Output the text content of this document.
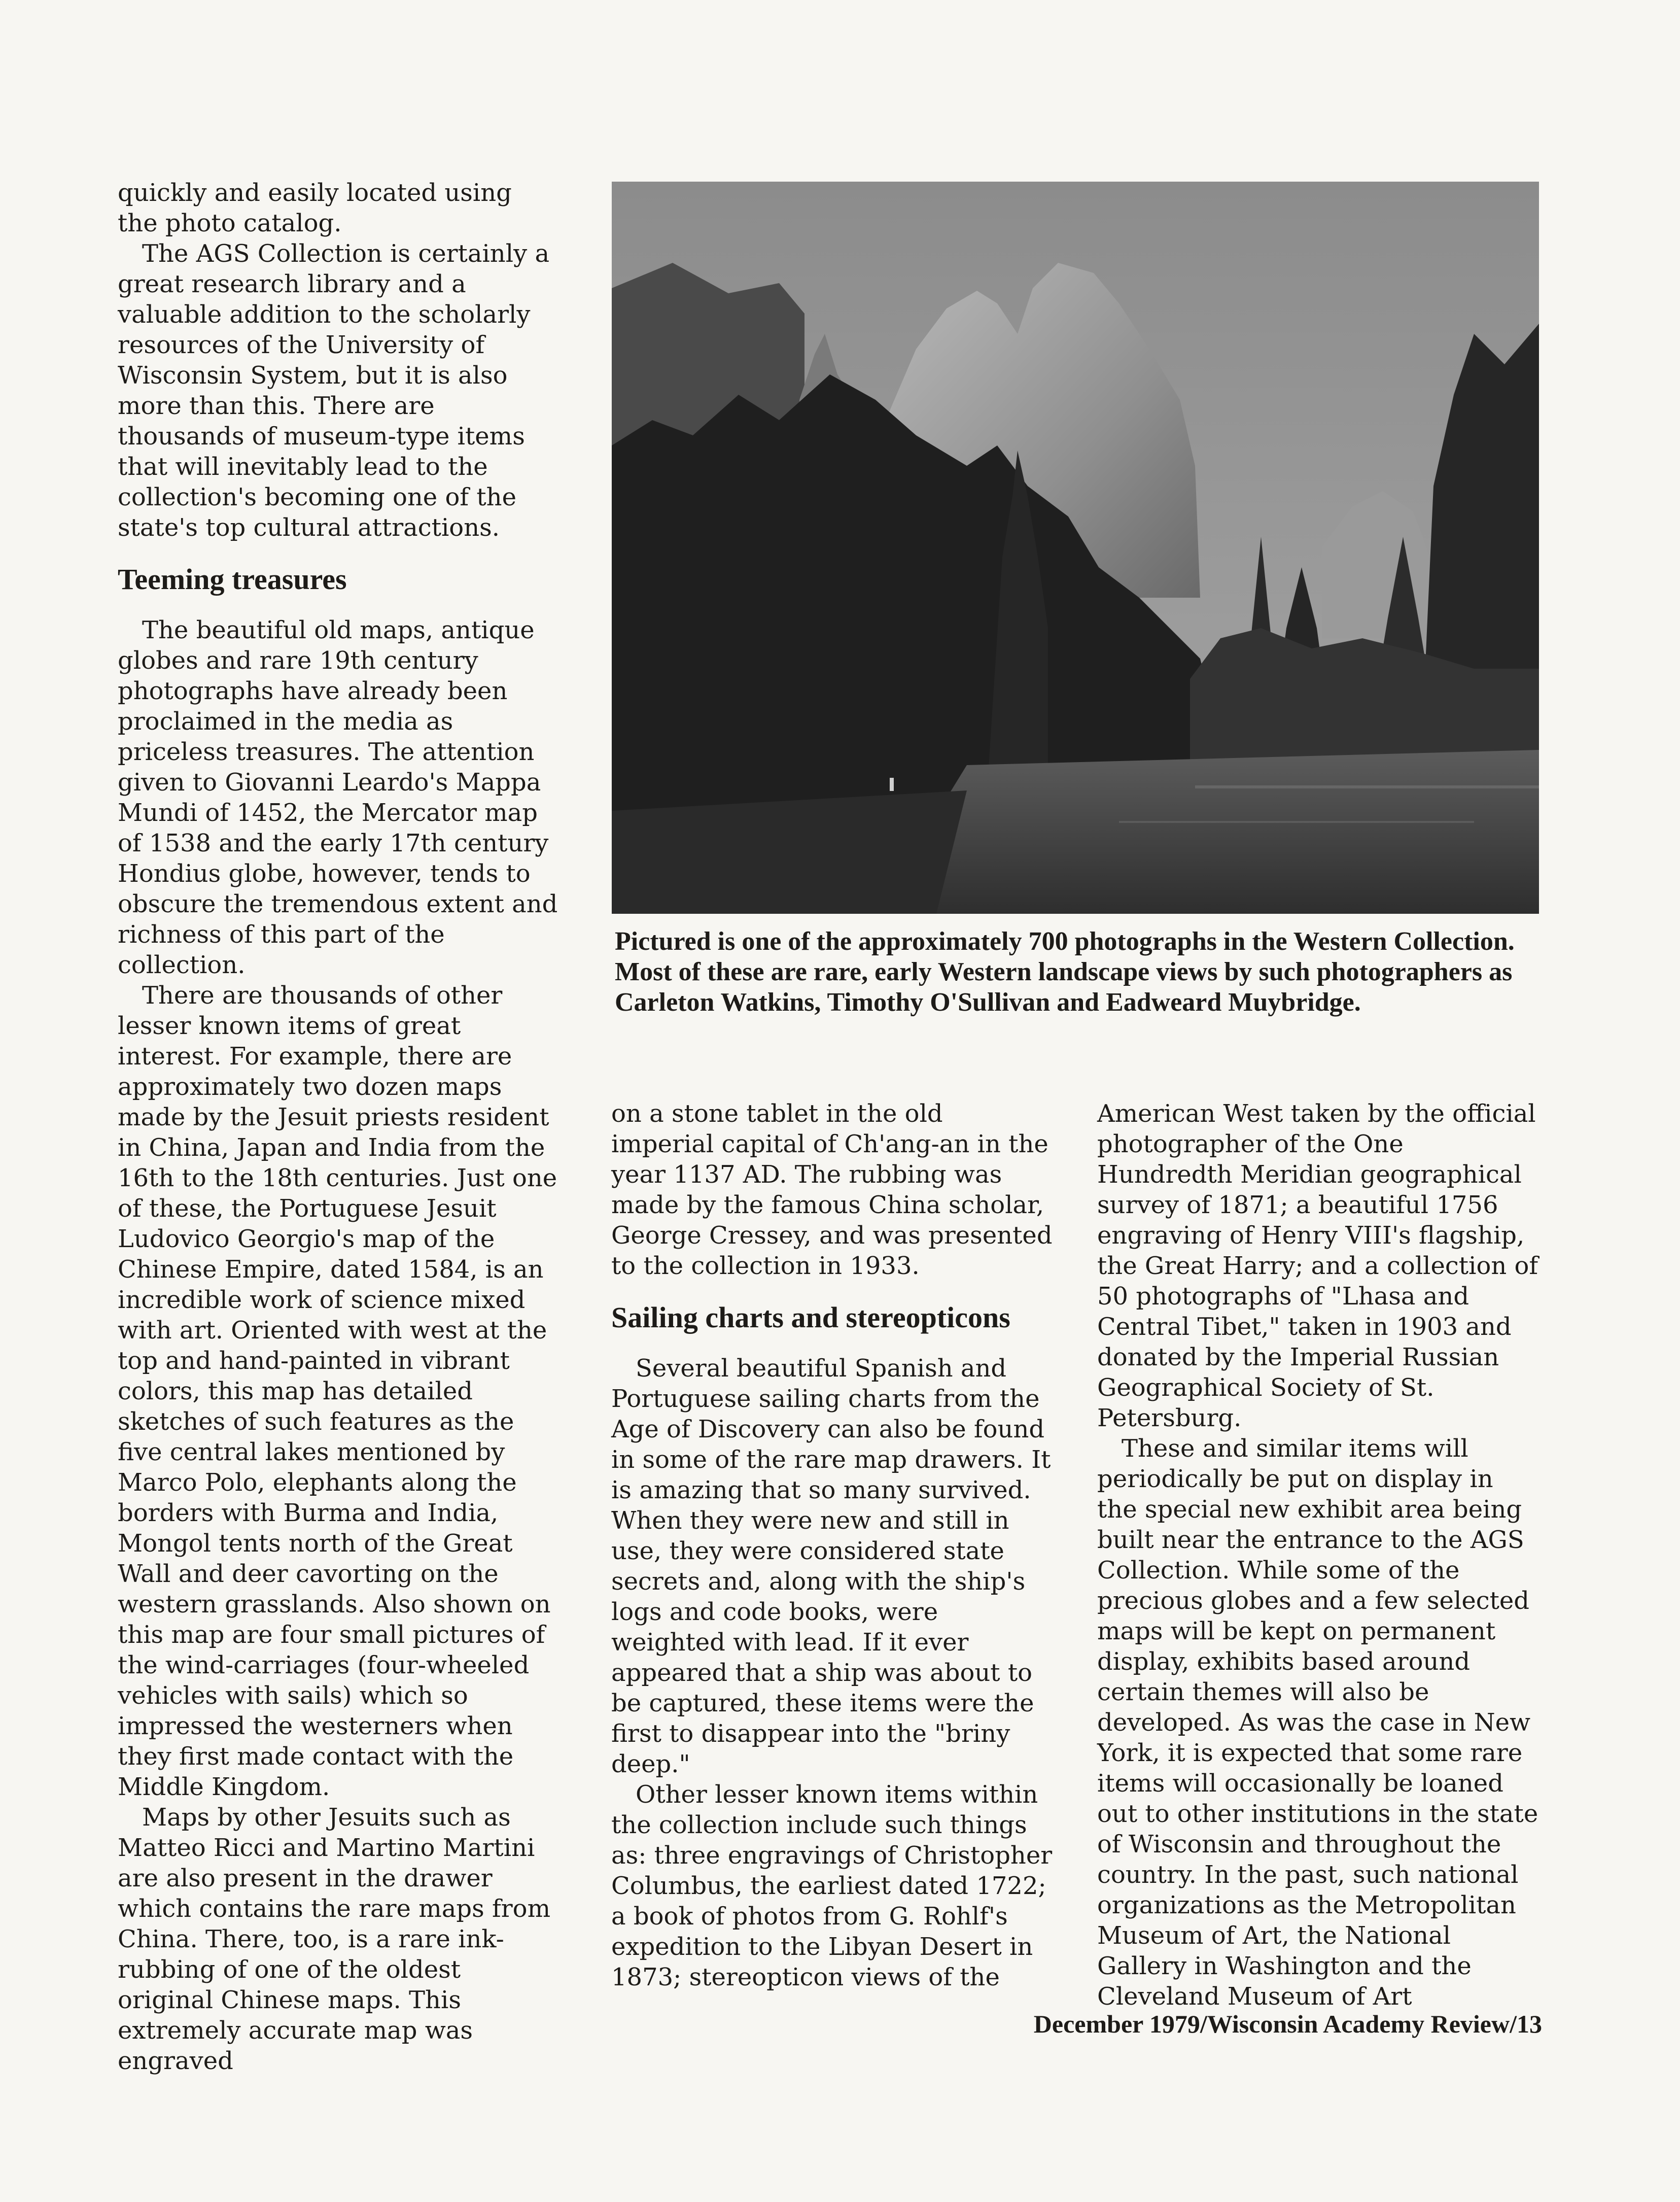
quickly and easily located using the photo catalog.

The AGS Collection is certainly a great research library and a valuable addition to the scholarly resources of the University of Wisconsin System, but it is also more than this. There are thousands of museum-type items that will inevitably lead to the collection's becoming one of the state's top cultural attractions.

Teeming treasures

The beautiful old maps, antique globes and rare 19th century photographs have already been proclaimed in the media as priceless treasures. The attention given to Giovanni Leardo's Mappa Mundi of 1452, the Mercator map of 1538 and the early 17th century Hondius globe, however, tends to obscure the tremendous extent and richness of this part of the collection.

There are thousands of other lesser known items of great interest. For example, there are approximately two dozen maps made by the Jesuit priests resident in China, Japan and India from the 16th to the 18th centuries. Just one of these, the Portuguese Jesuit Ludovico Georgio's map of the Chinese Empire, dated 1584, is an incredible work of science mixed with art. Oriented with west at the top and hand-painted in vibrant colors, this map has detailed sketches of such features as the five central lakes mentioned by Marco Polo, elephants along the borders with Burma and India, Mongol tents north of the Great Wall and deer cavorting on the western grasslands. Also shown on this map are four small pictures of the wind-carriages (four-wheeled vehicles with sails) which so impressed the westerners when they first made contact with the Middle Kingdom.

Maps by other Jesuits such as Matteo Ricci and Martino Martini are also present in the drawer which contains the rare maps from China. There, too, is a rare ink-rubbing of one of the oldest original Chinese maps. This extremely accurate map was engraved

Pictured is one of the approximately 700 photographs in the Western Collection. Most of these are rare, early Western landscape views by such photographers as Carleton Watkins, Timothy O'Sullivan and Eadweard Muybridge.

on a stone tablet in the old imperial capital of Ch'ang-an in the year 1137 AD. The rubbing was made by the famous China scholar, George Cressey, and was presented to the collection in 1933.

Sailing charts and stereopticons

Several beautiful Spanish and Portuguese sailing charts from the Age of Discovery can also be found in some of the rare map drawers. It is amazing that so many survived. When they were new and still in use, they were considered state secrets and, along with the ship's logs and code books, were weighted with lead. If it ever appeared that a ship was about to be captured, these items were the first to disappear into the "briny deep."

Other lesser known items within the collection include such things as: three engravings of Christopher Columbus, the earliest dated 1722; a book of photos from G. Rohlf's expedition to the Libyan Desert in 1873; stereopticon views of the

American West taken by the official photographer of the One Hundredth Meridian geographical survey of 1871; a beautiful 1756 engraving of Henry VIII's flagship, the Great Harry; and a collection of 50 photographs of "Lhasa and Central Tibet," taken in 1903 and donated by the Imperial Russian Geographical Society of St. Petersburg.

These and similar items will periodically be put on display in the special new exhibit area being built near the entrance to the AGS Collection. While some of the precious globes and a few selected maps will be kept on permanent display, exhibits based around certain themes will also be developed. As was the case in New York, it is expected that some rare items will occasionally be loaned out to other institutions in the state of Wisconsin and throughout the country. In the past, such national organizations as the Metropolitan Museum of Art, the National Gallery in Washington and the Cleveland Museum of Art

December 1979/Wisconsin Academy Review/13
